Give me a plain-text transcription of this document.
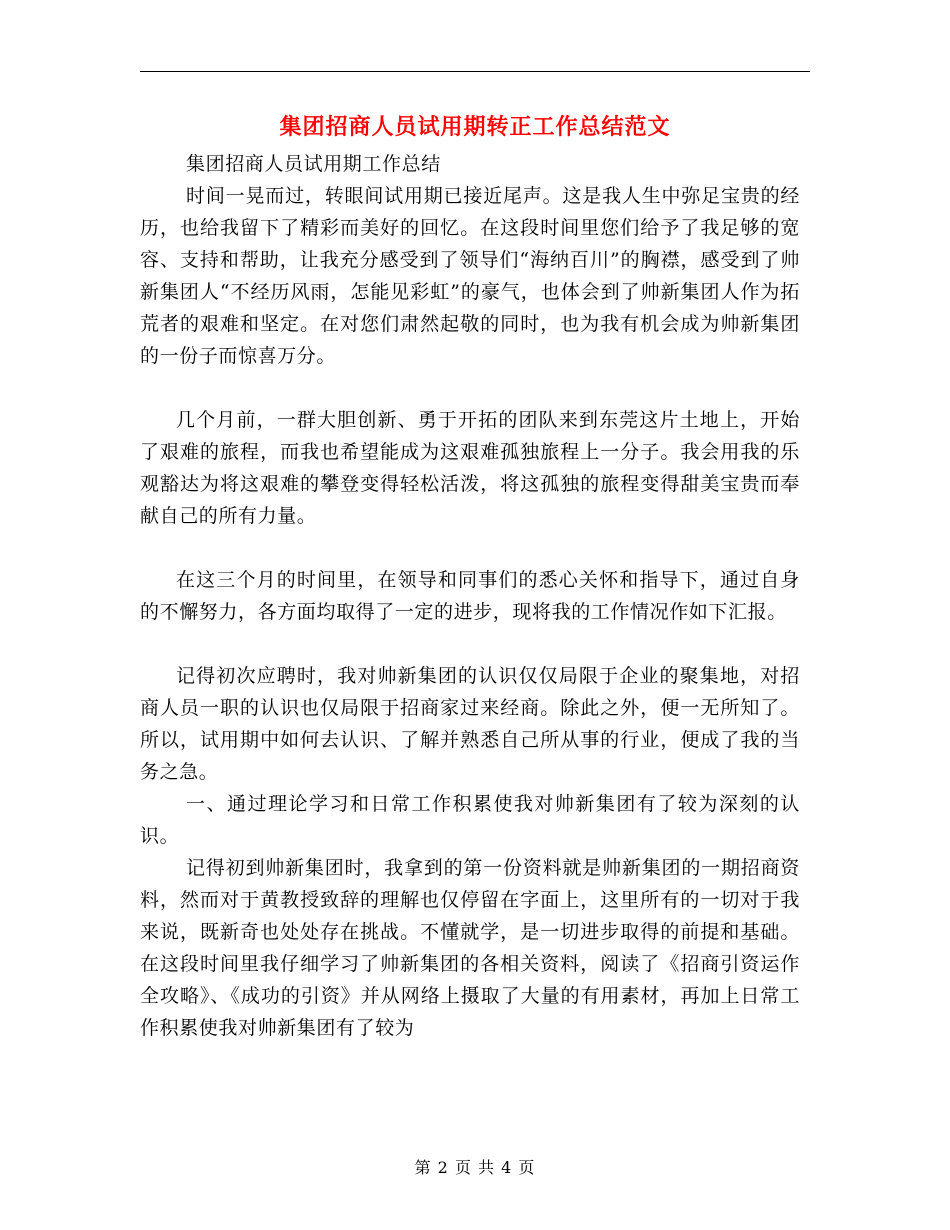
集团招商人员试用期转正工作总结范文

集团招商人员试用期工作总结

时间一晃而过，转眼间试用期已接近尾声。这是我人生中弥足宝贵的经历，也给我留下了精彩而美好的回忆。在这段时间里您们给予了我足够的宽容、支持和帮助，让我充分感受到了领导们“海纳百川”的胸襟，感受到了帅新集团人“不经历风雨，怎能见彩虹”的豪气，也体会到了帅新集团人作为拓荒者的艰难和坚定。在对您们肃然起敬的同时，也为我有机会成为帅新集团的一份子而惊喜万分。

几个月前，一群大胆创新、勇于开拓的团队来到东莞这片土地上，开始了艰难的旅程，而我也希望能成为这艰难孤独旅程上一分子。我会用我的乐观豁达为将这艰难的攀登变得轻松活泼，将这孤独的旅程变得甜美宝贵而奉献自己的所有力量。

在这三个月的时间里，在领导和同事们的悉心关怀和指导下，通过自身的不懈努力，各方面均取得了一定的进步，现将我的工作情况作如下汇报。

记得初次应聘时，我对帅新集团的认识仅仅局限于企业的聚集地，对招商人员一职的认识也仅局限于招商家过来经商。除此之外，便一无所知了。所以，试用期中如何去认识、了解并熟悉自己所从事的行业，便成了我的当务之急。

一、通过理论学习和日常工作积累使我对帅新集团有了较为深刻的认识。

记得初到帅新集团时，我拿到的第一份资料就是帅新集团的一期招商资料，然而对于黄教授致辞的理解也仅停留在字面上，这里所有的一切对于我来说，既新奇也处处存在挑战。不懂就学，是一切进步取得的前提和基础。在这段时间里我仔细学习了帅新集团的各相关资料，阅读了《招商引资运作全攻略》、《成功的引资》并从网络上摄取了大量的有用素材，再加上日常工作积累使我对帅新集团有了较为

第 2 页 共 4 页
